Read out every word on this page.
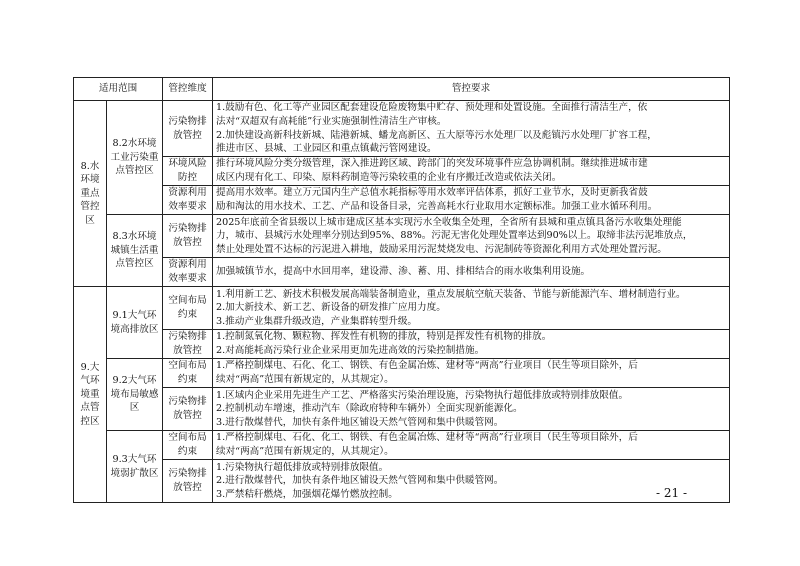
适用范围		管控维度	管控要求
8.水环境重点管控区	8.2水环境工业污染重点管控区	污染物排放管控	1.鼓励有色、化工等产业园区配套建设危险废物集中贮存、预处理和处置设施。全面推行清洁生产，依
法对“双超双有高耗能”行业实施强制性清洁生产审核。
2.加快建设高新科技新城、陆港新城、蟠龙高新区、五大原等污水处理厂以及彪镇污水处理厂扩容工程，
推进市区、县城、工业园区和重点镇截污管网建设。

		环境风险防控	推行环境风险分类分级管理，深入推进跨区域、跨部门的突发环境事件应急协调机制。继续推进城市建
成区内现有化工、印染、原料药制造等污染较重的企业有序搬迁改造或依法关闭。

		资源利用效率要求	提高用水效率。建立万元国内生产总值水耗指标等用水效率评估体系，抓好工业节水，及时更新我省鼓
励和淘汰的用水技术、工艺、产品和设备目录，完善高耗水行业取用水定额标准。加强工业水循环利用。

	8.3水环境城镇生活重点管控区	污染物排放管控	2025年底前全省县级以上城市建成区基本实现污水全收集全处理，全省所有县城和重点镇具备污水收集处理能
力，城市、县城污水处理率分别达到95%、88%。污泥无害化处理处置率达到90%以上。取缔非法污泥堆放点，
禁止处理处置不达标的污泥进入耕地，鼓励采用污泥焚烧发电、污泥制砖等资源化利用方式处理处置污泥。

		资源利用效率要求	加强城镇节水，提高中水回用率，建设滞、渗、蓄、用、排相结合的雨水收集利用设施。

9.大气环境重点管控区	9.1大气环境高排放区	空间布局约束	1.利用新工艺、新技术积极发展高端装备制造业，重点发展航空航天装备、节能与新能源汽车、增材制造行业。
2.加大新技术、新工艺、新设备的研发推广应用力度。
3.推动产业集群升级改造，产业集群转型升级。

		污染物排放管控	1.控制氮氧化物、颗粒物、挥发性有机物的排放，特别是挥发性有机物的排放。
2.对高能耗高污染行业企业采用更加先进高效的污染控制措施。

	9.2大气环境布局敏感区	空间布局约束	1.严格控制煤电、石化、化工、钢铁、有色金属冶炼、建材等“两高”行业项目（民生等项目除外，后
续对“两高”范围有新规定的，从其规定）。

		污染物排放管控	1.区域内企业采用先进生产工艺、严格落实污染治理设施，污染物执行超低排放或特别排放限值。
2.控制机动车增速，推动汽车（除政府特种车辆外）全面实现新能源化。
3.进行散煤替代，加快有条件地区铺设天然气管网和集中供暖管网。

	9.3大气环境弱扩散区	空间布局约束	1.严格控制煤电、石化、化工、钢铁、有色金属冶炼、建材等“两高”行业项目（民生等项目除外，后
续对“两高”范围有新规定的，从其规定）。

		污染物排放管控	1.污染物执行超低排放或特别排放限值。
2.进行散煤替代，加快有条件地区铺设天然气管网和集中供暖管网。
3.严禁秸秆燃烧，加强烟花爆竹燃放控制。	- 21 -
